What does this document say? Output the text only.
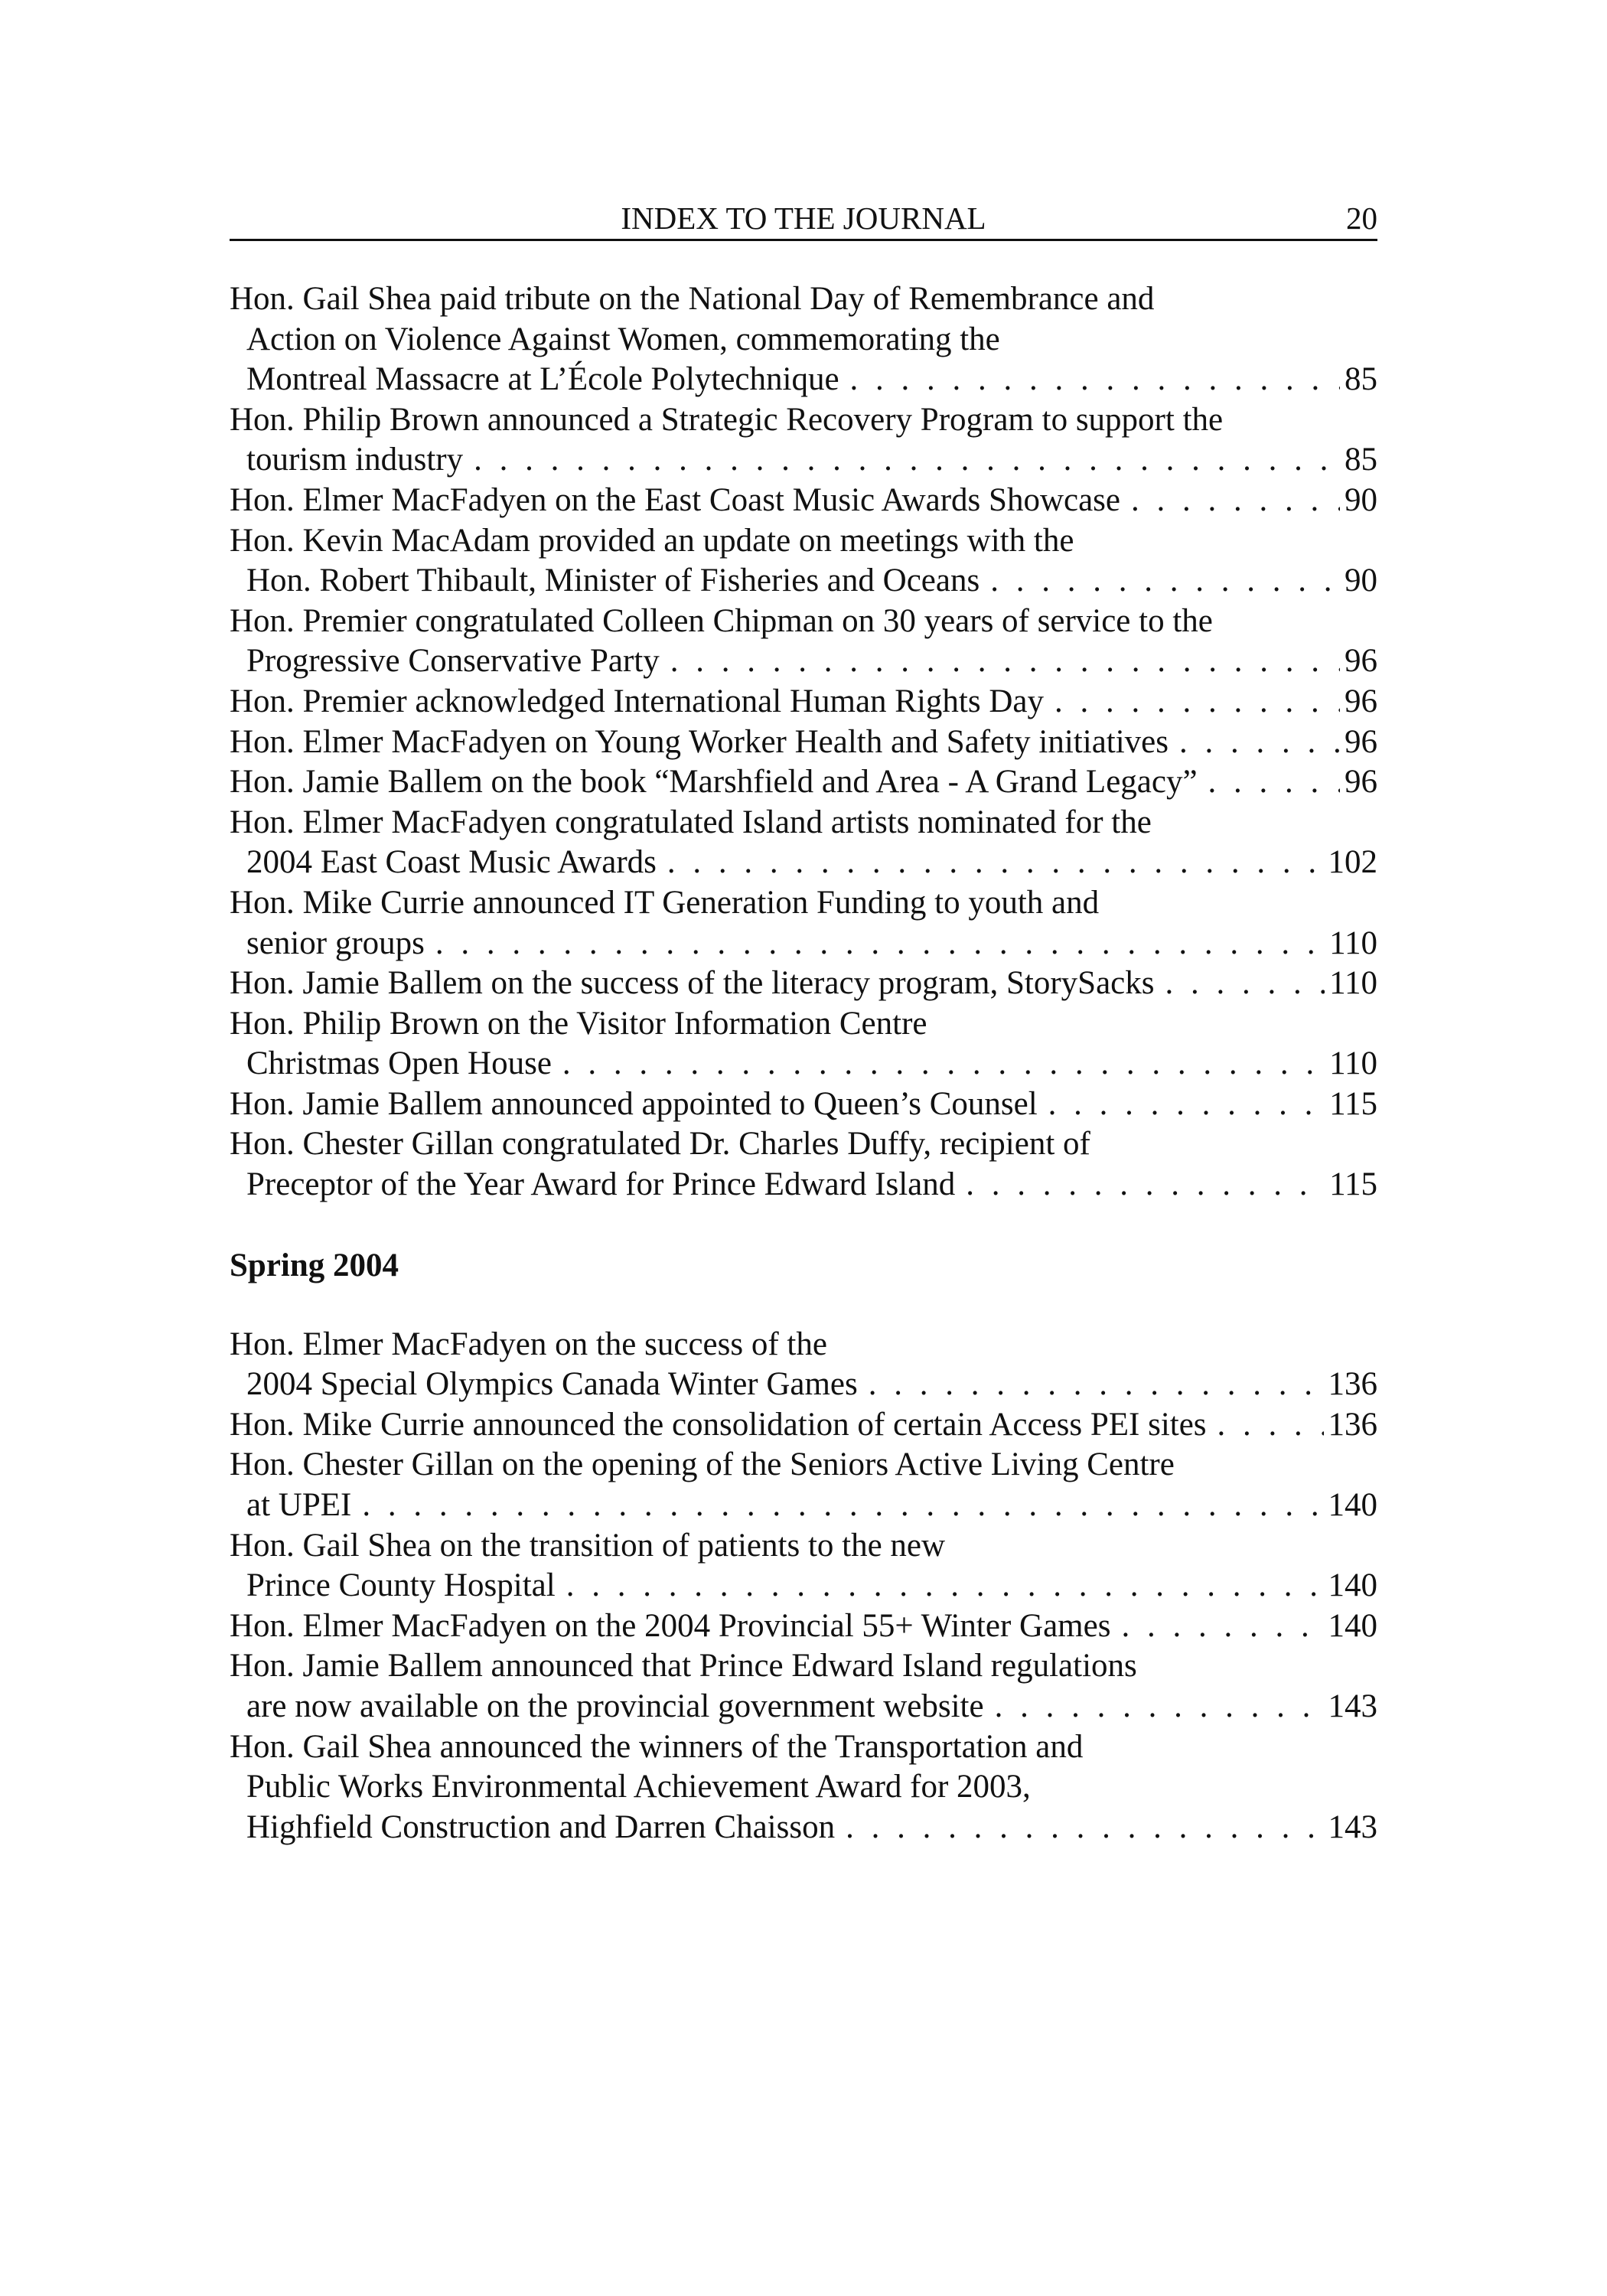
INDEX TO THE JOURNAL	20
Hon. Gail Shea paid tribute on the National Day of Remembrance and
Action on Violence Against Women, commemorating the
Montreal Massacre at L’École Polytechnique . . .	85
Hon. Philip Brown announced a Strategic Recovery Program to support the
tourism industry . . .	85
Hon. Elmer MacFadyen on the East Coast Music Awards Showcase . . .	90
Hon. Kevin MacAdam provided an update on meetings with the
Hon. Robert Thibault, Minister of Fisheries and Oceans . . .	90
Hon. Premier congratulated Colleen Chipman on 30 years of service to the
Progressive Conservative Party . . .	96
Hon. Premier acknowledged International Human Rights Day . . .	96
Hon. Elmer MacFadyen on Young Worker Health and Safety initiatives . . .	96
Hon. Jamie Ballem on the book “Marshfield and Area - A Grand Legacy” . . .	96
Hon. Elmer MacFadyen congratulated Island artists nominated for the
2004 East Coast Music Awards . . .	102
Hon. Mike Currie announced IT Generation Funding to youth and
senior groups . . .	110
Hon. Jamie Ballem on the success of the literacy program, StorySacks . . .	110
Hon. Philip Brown on the Visitor Information Centre
Christmas Open House . . .	110
Hon. Jamie Ballem announced appointed to Queen’s Counsel . . .	115
Hon. Chester Gillan congratulated Dr. Charles Duffy, recipient of
Preceptor of the Year Award for Prince Edward Island . . .	115
Spring 2004
Hon. Elmer MacFadyen on the success of the
2004 Special Olympics Canada Winter Games . . .	136
Hon. Mike Currie announced the consolidation of certain Access PEI sites . . .	136
Hon. Chester Gillan on the opening of the Seniors Active Living Centre
at UPEI . . .	140
Hon. Gail Shea on the transition of patients to the new
Prince County Hospital . . .	140
Hon. Elmer MacFadyen on the 2004 Provincial 55+ Winter Games . . .	140
Hon. Jamie Ballem announced that Prince Edward Island regulations
are now available on the provincial government website . . .	143
Hon. Gail Shea announced the winners of the Transportation and
Public Works Environmental Achievement Award for 2003,
Highfield Construction and Darren Chaisson . . .	143
